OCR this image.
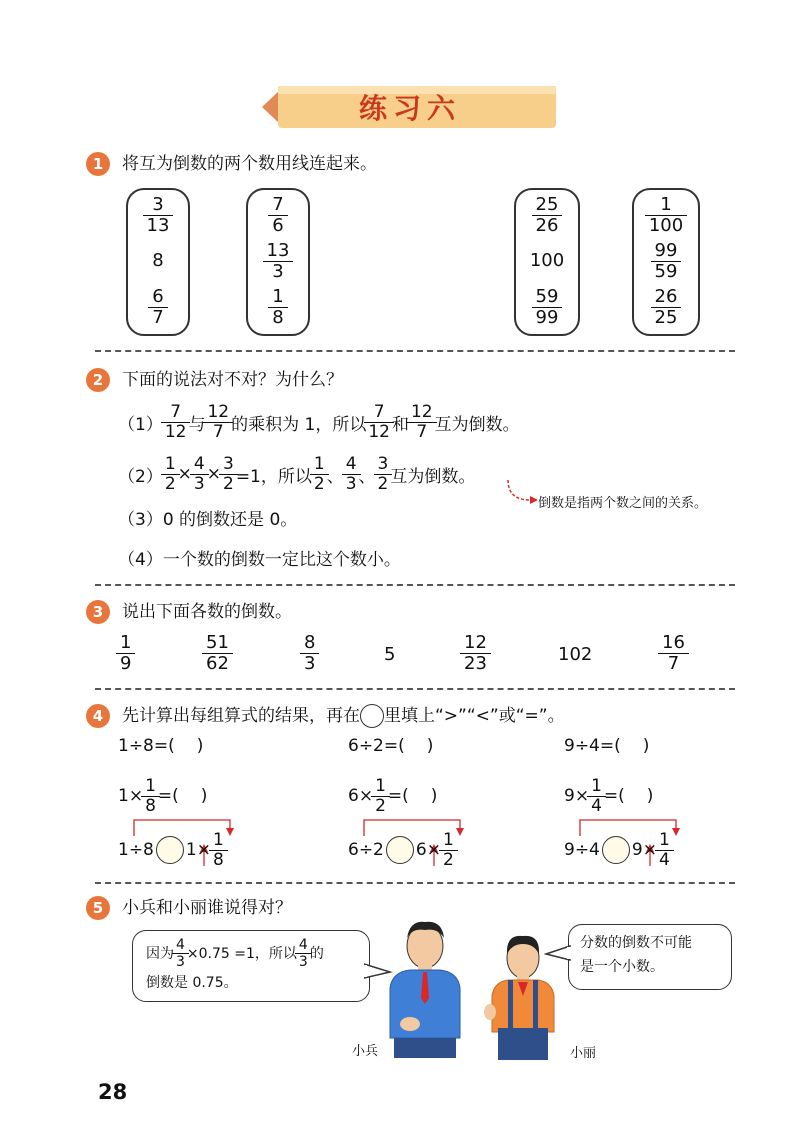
练习六
1	将互为倒数的两个数用线连起来。
$\frac{3}{13}$
8
$\frac{6}{7}$
$\frac{7}{6}$
$\frac{13}{3}$
$\frac{1}{8}$
$\frac{25}{26}$
100
$\frac{59}{99}$
$\frac{1}{100}$
$\frac{99}{59}$
$\frac{26}{25}$
2	下面的说法对不对？为什么？
$(1) \frac{7}{12}$ 与 $\frac{12}{7}$ 的乘积为 1，所以 $\frac{7}{12}$ 和 $\frac{12}{7}$ 互为倒数。
$(2) \frac{1}{2} \times \frac{4}{3} \times \frac{3}{2} =1$，所以 $\frac{1}{2}$ 、 $\frac{4}{3}$ 、 $\frac{3}{2}$ 互为倒数。
倒数是指两个数之间的关系。
（3）0 的倒数还是 0。
（4）一个数的倒数一定比这个数小。
3	说出下面各数的倒数。
$\frac{1}{9}$	$\frac{51}{62}$	$\frac{8}{3}$	5	$\frac{12}{23}$	102	$\frac{16}{7}$
4	先计算出每组算式的结果，再在 里填上“>”“<”或“=”。
1÷8=( )
$1\times \frac{1}{8}$ =( )
1÷8 $1\times \frac{1}{8}$
6÷2=( )
$6\times \frac{1}{2}$ =( )
6÷2 $6\times \frac{1}{2}$
9÷4=( )
$9\times \frac{1}{4}$ =( )
9÷4 $9\times \frac{1}{4}$
5	小兵和小丽谁说得对？
因为 $\frac{4}{3} \times 0.75 =1$，所以 $\frac{4}{3}$ 的
倒数是 0.75。
分数的倒数不可能
是一个小数。
小兵	小丽
28
